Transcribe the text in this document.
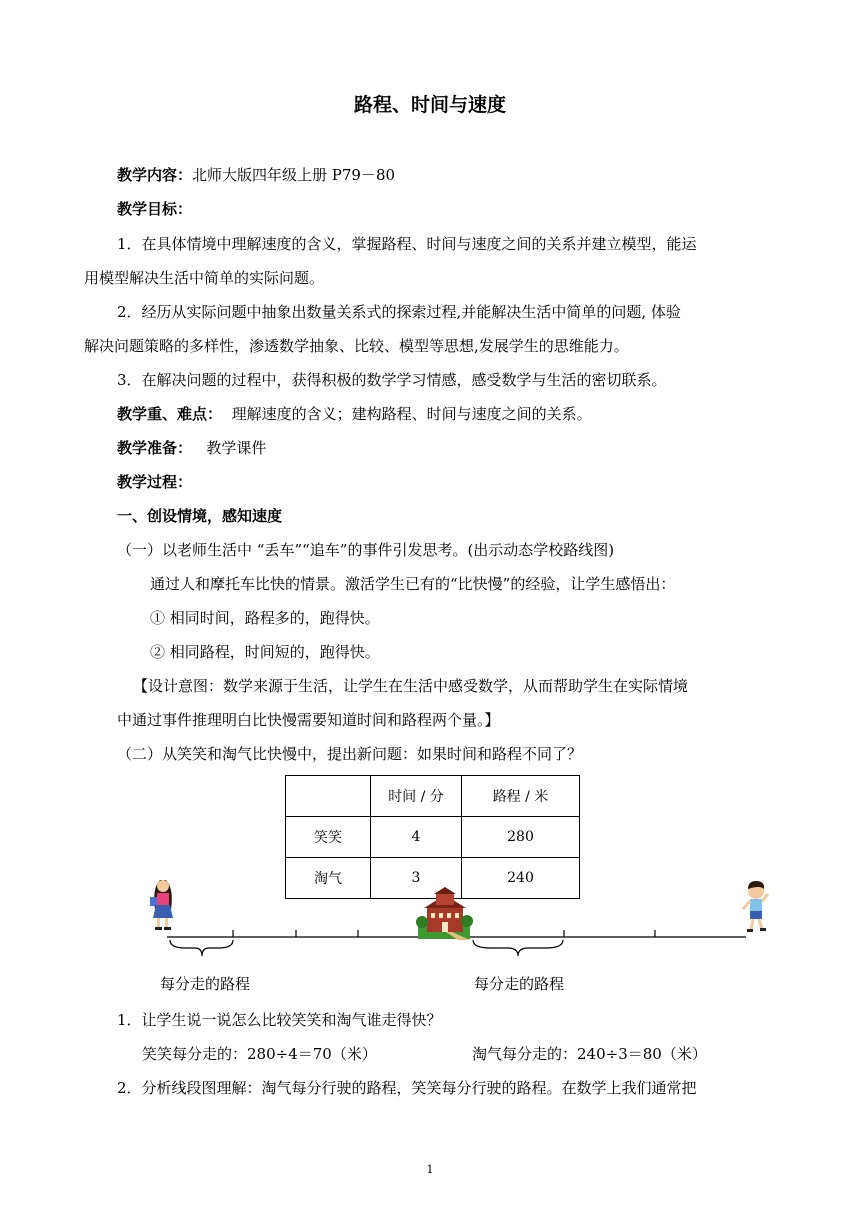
路程、时间与速度
教学内容：北师大版四年级上册 P79－80
教学目标：
1．在具体情境中理解速度的含义，掌握路程、时间与速度之间的关系并建立模型，能运
用模型解决生活中简单的实际问题。
2．经历从实际问题中抽象出数量关系式的探索过程,并能解决生活中简单的问题, 体验
解决问题策略的多样性，渗透数学抽象、比较、模型等思想,发展学生的思维能力。
3．在解决问题的过程中，获得积极的数学学习情感，感受数学与生活的密切联系。
教学重、难点： 理解速度的含义；建构路程、时间与速度之间的关系。
教学准备： 教学课件
教学过程：
一、创设情境，感知速度
（一）以老师生活中 “丢车”“追车”的事件引发思考。(出示动态学校路线图)
通过人和摩托车比快的情景。激活学生已有的“比快慢”的经验，让学生感悟出：
① 相同时间，路程多的，跑得快。
② 相同路程，时间短的，跑得快。
【设计意图：数学来源于生活，让学生在生活中感受数学，从而帮助学生在实际情境
中通过事件推理明白比快慢需要知道时间和路程两个量。】
（二）从笑笑和淘气比快慢中，提出新问题：如果时间和路程不同了？
	时间 / 分	路程 / 米
笑笑	4	280
淘气	3	240
每分走的路程	每分走的路程
1．让学生说一说怎么比较笑笑和淘气谁走得快？
笑笑每分走的：280÷4＝70（米）	淘气每分走的：240÷3＝80（米）
2．分析线段图理解：淘气每分行驶的路程，笑笑每分行驶的路程。在数学上我们通常把
1
